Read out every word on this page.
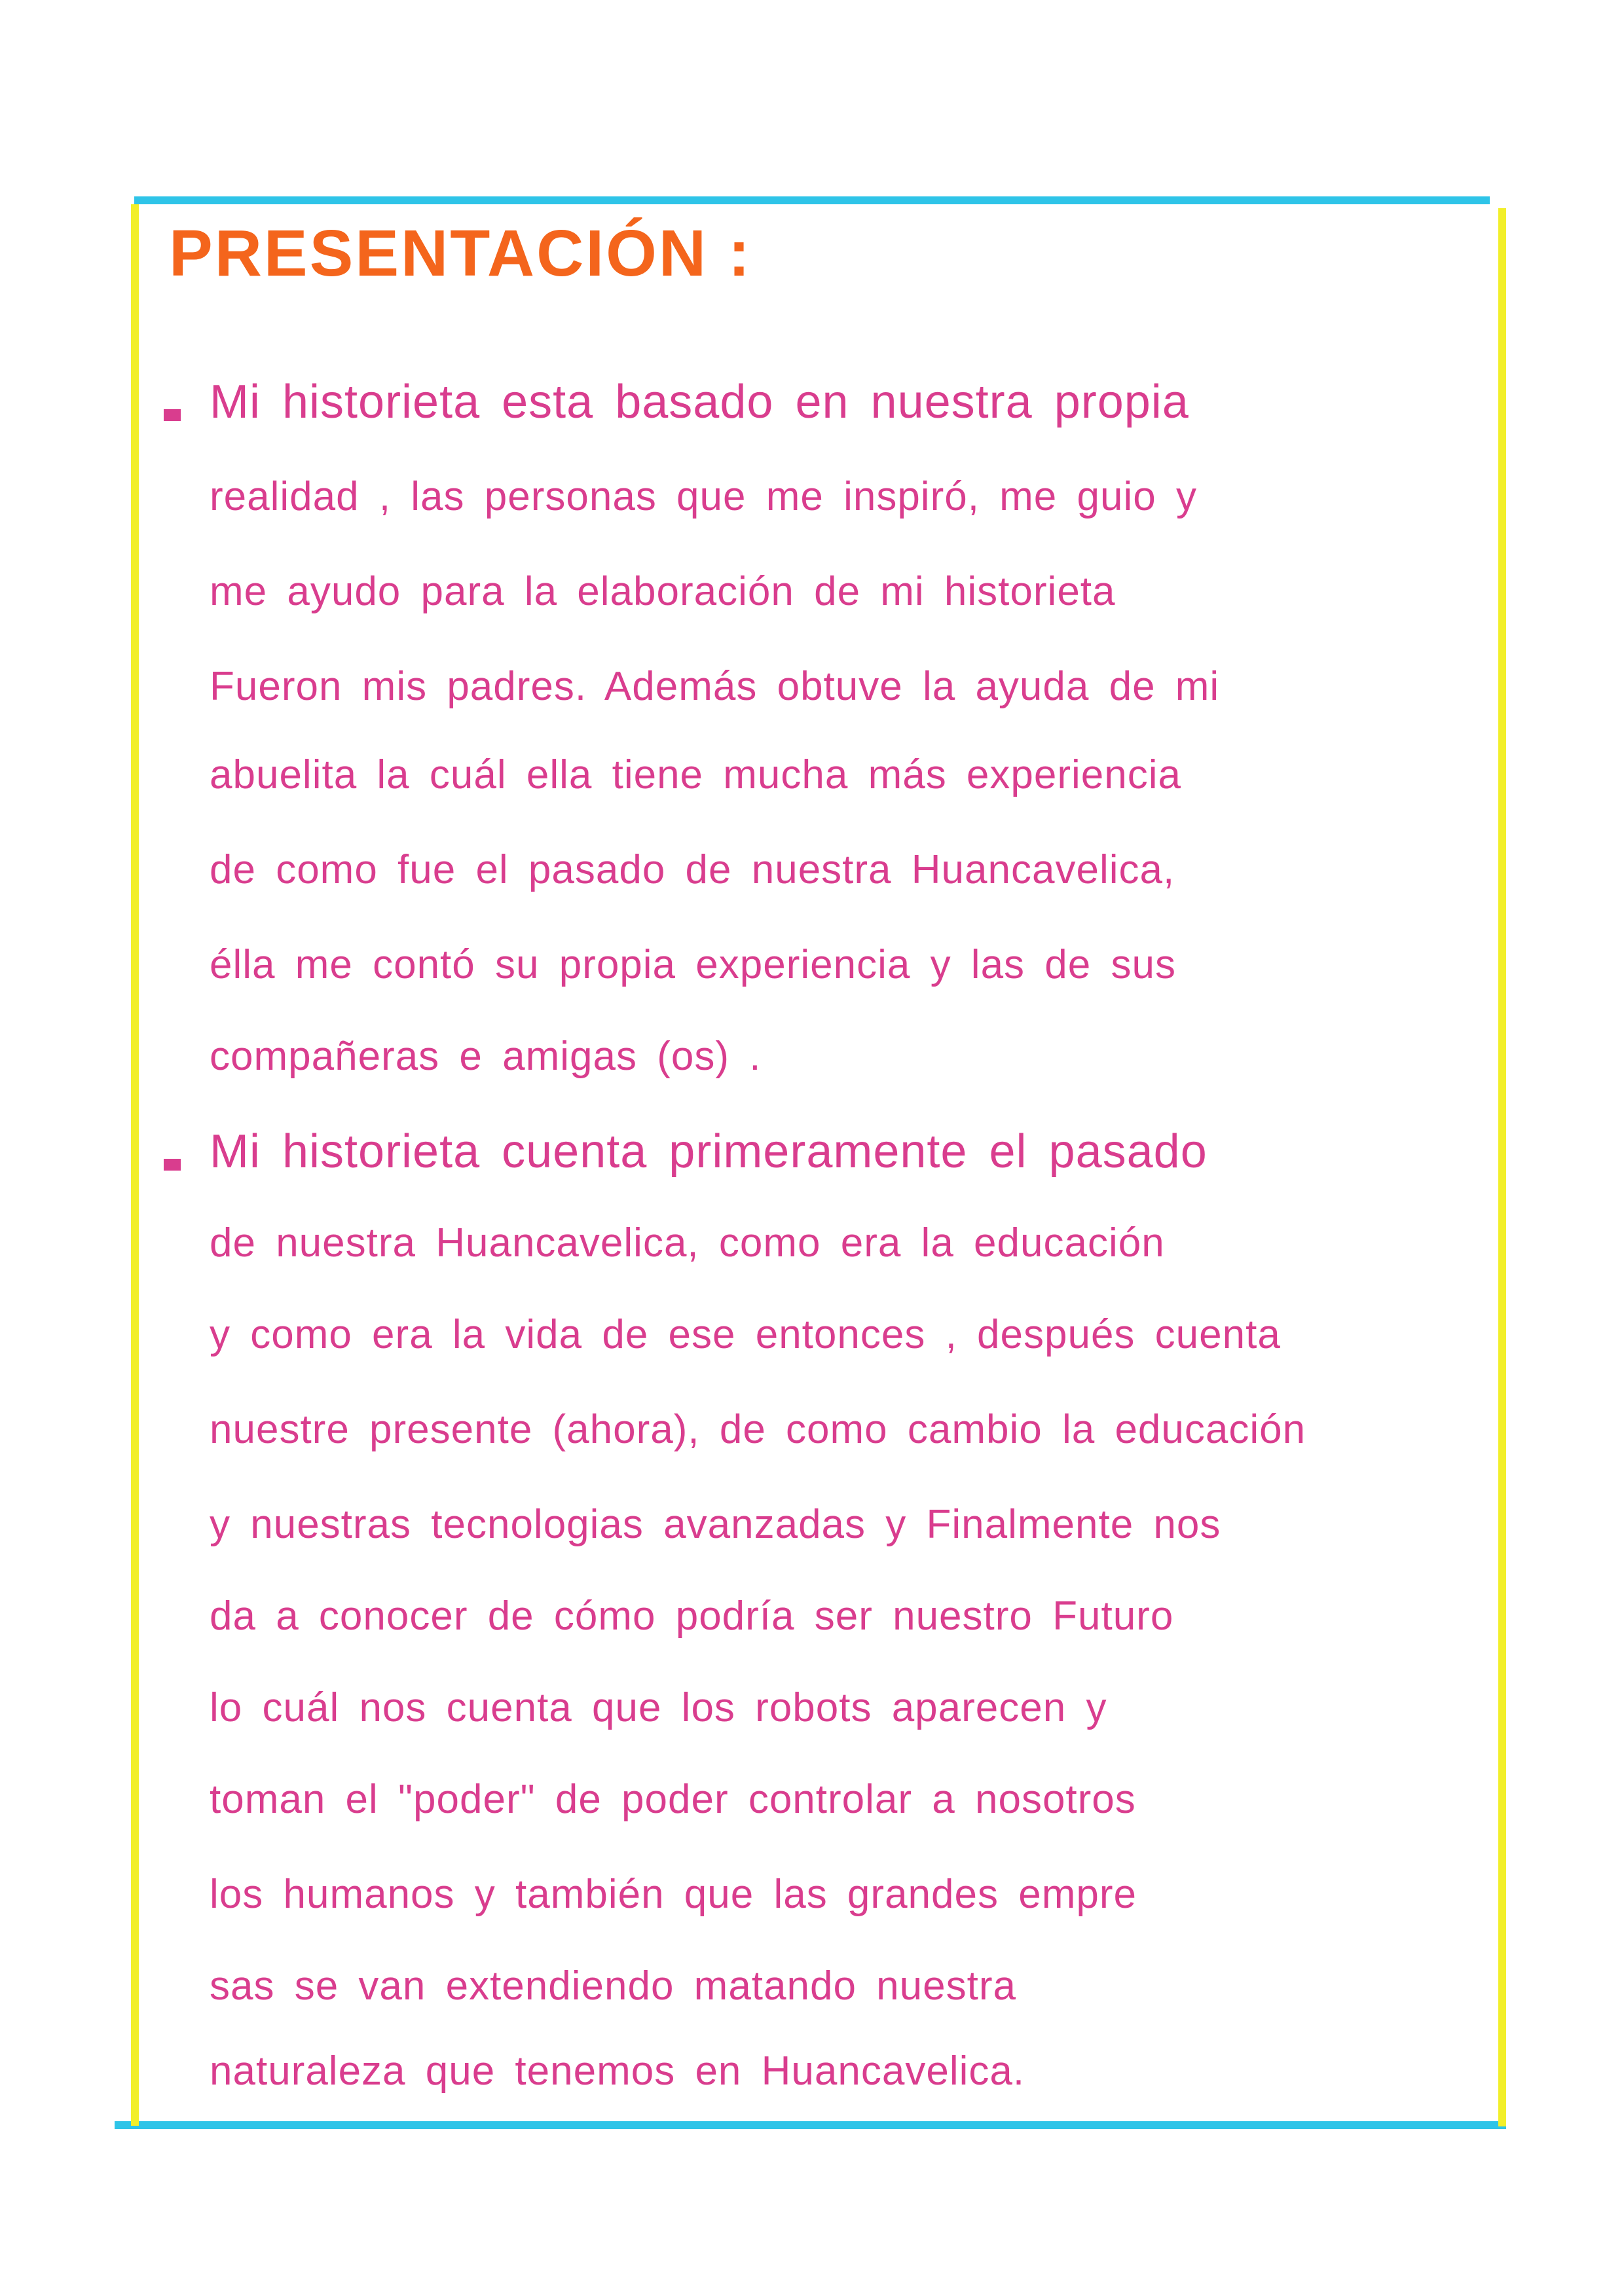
PRESENTACIÓN :
Mi historieta esta basado en nuestra propia
realidad , las personas que me inspiró, me guio y
me ayudo para la elaboración de mi historieta
Fueron mis padres. Además obtuve la ayuda de mi
abuelita la cuál ella tiene mucha más experiencia
de como fue el pasado de nuestra Huancavelica,
élla me contó su propia experiencia y las de sus
compañeras e amigas (os) .
Mi historieta cuenta primeramente el pasado
de nuestra Huancavelica, como era la educación
y como era la vida de ese entonces , después cuenta
nuestre presente (ahora), de como cambio la educación
y nuestras tecnologias avanzadas y Finalmente nos
da a conocer de cómo podría ser nuestro Futuro
lo cuál nos cuenta que los robots aparecen y
toman el "poder" de poder controlar a nosotros
los humanos y también que las grandes empre
sas se van extendiendo matando nuestra
naturaleza que tenemos en Huancavelica.
